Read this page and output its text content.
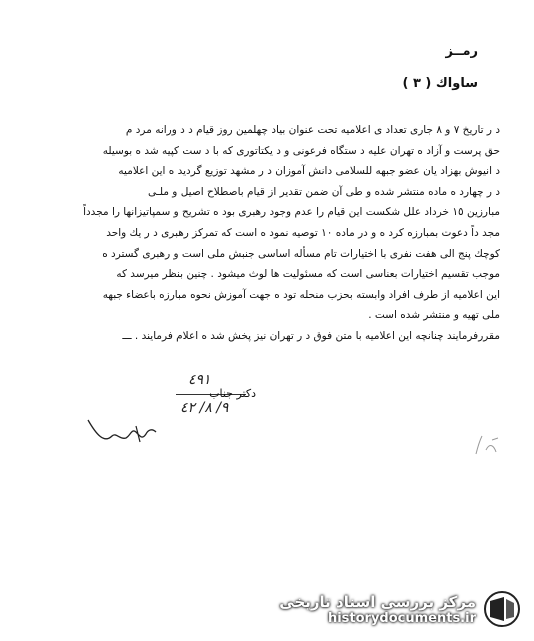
رمــز
ساواك ( ٣ )
د ر تاريخ ٧ و ٨ جاری تعداد ی اعلاميه تحت عنوان بياد چهلمين روز قيام د د ورانه مرد م
حق پرست و آزاد ه تهران عليه د ستگاه فرعونی و د يكتاتوری كه با د ست كپيه شد ه بوسيله
د انيوش بهزاد يان عضو جبهه للسلامی دانش آموزان د ر مشهد توزيع گرديد ه اين اعلاميه
د ر چهارد ه ماده منتشر شده و طی آن ضمن تقدير از قيام باصطلاح اصيل و ملـی
مبارزين ١٥ خرداد علل شكست اين قيام را عدم وجود رهبری بود ه تشريح و سمپاتيزانها را مجدداً
مجد داً دعوت بمبارزه كرد ه و در ماده ١٠ توصيه نمود ه است كه تمركز رهبری د ر يك واحد
كوچك پنج الی هفت نفری با اختيارات تام مسأله اساسی جنبش ملی است و رهبری گسترد ه
موجب تقسيم اختيارات بعناسی است كه مسئوليت ها لوث ميشود . چنين بنظر ميرسد كه
اين اعلاميه از طرف افراد وابسته بحزب منحله تود ه جهت آموزش نحوه مبارزه باعضاء جبهه
ملی تهيه و منتشر شده است .
مقررفرمايند چنانچه اين اعلاميه با متن فوق د ر تهران نيز پخش شد ه اعلام فرمايند . ـــ
٤٩١
٩/ ٨/ ٤٢
دكتر جناب
مركز بررسی اسناد تاريخی
historydocuments.ir
